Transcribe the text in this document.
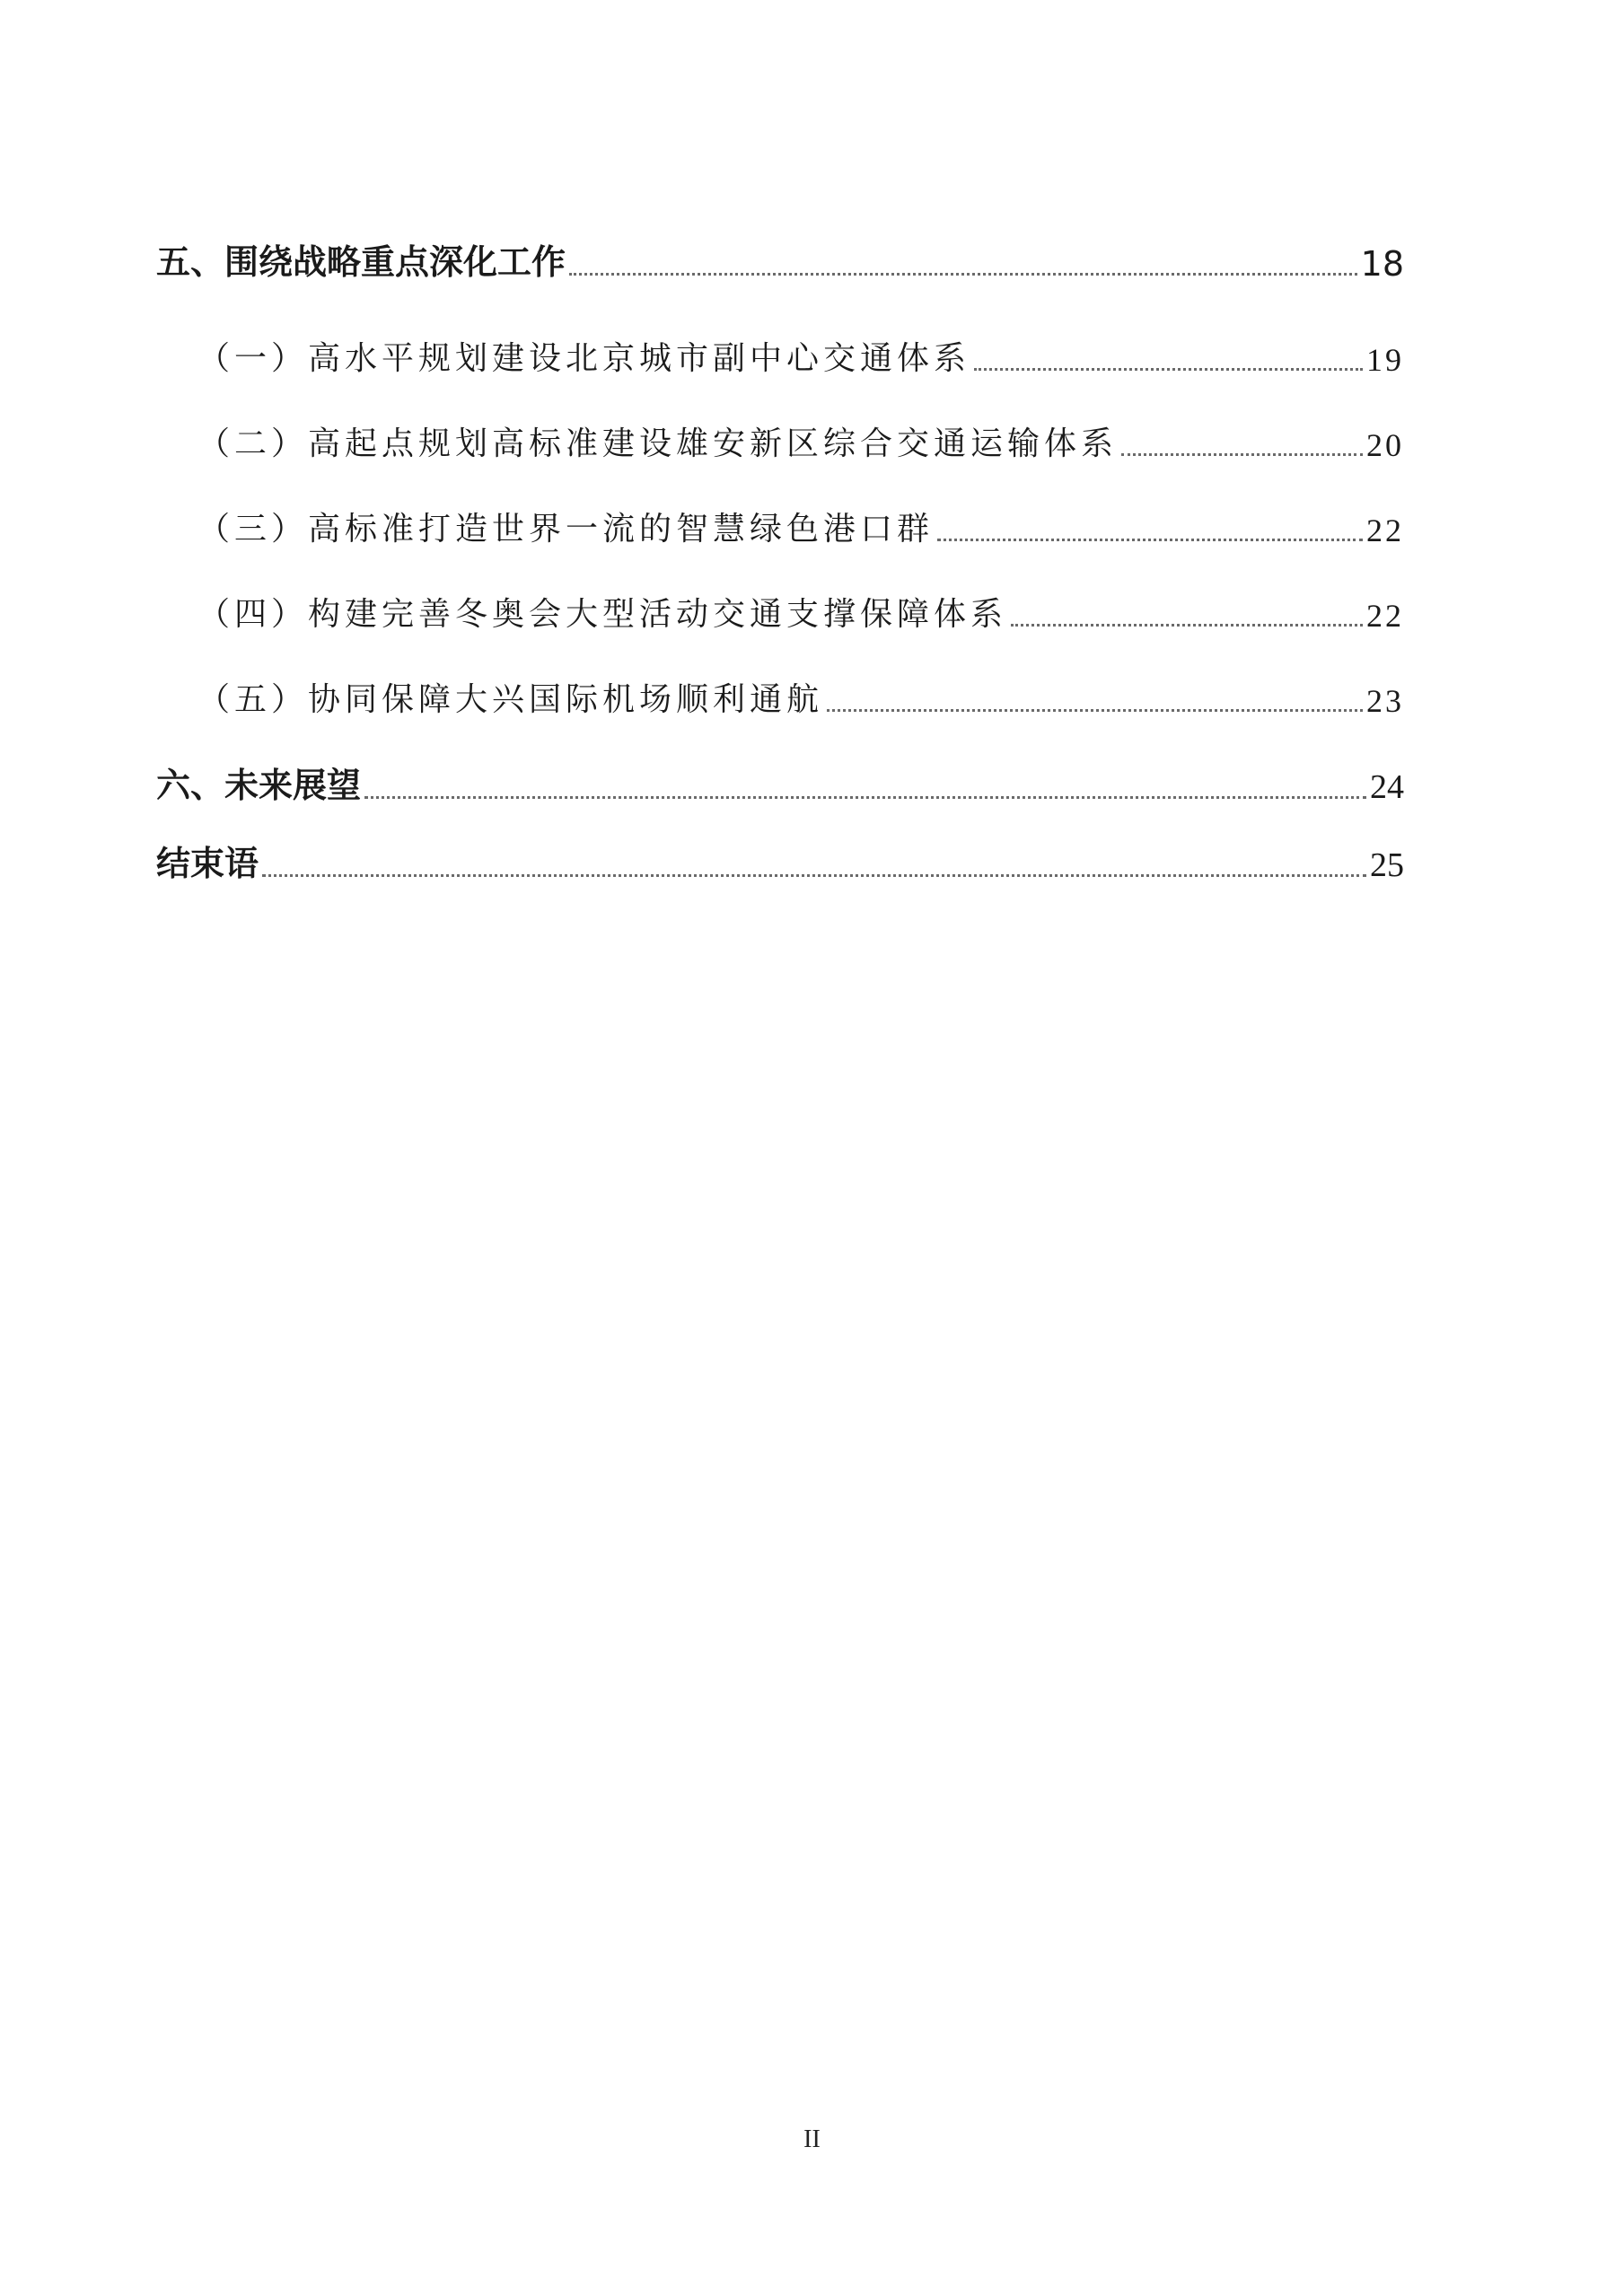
五、围绕战略重点深化工作	18
（一）高水平规划建设北京城市副中心交通体系	19
（二）高起点规划高标准建设雄安新区综合交通运输体系	20
（三）高标准打造世界一流的智慧绿色港口群	22
（四）构建完善冬奥会大型活动交通支撑保障体系	22
（五）协同保障大兴国际机场顺利通航	23
六、未来展望	24
结束语	25
II
